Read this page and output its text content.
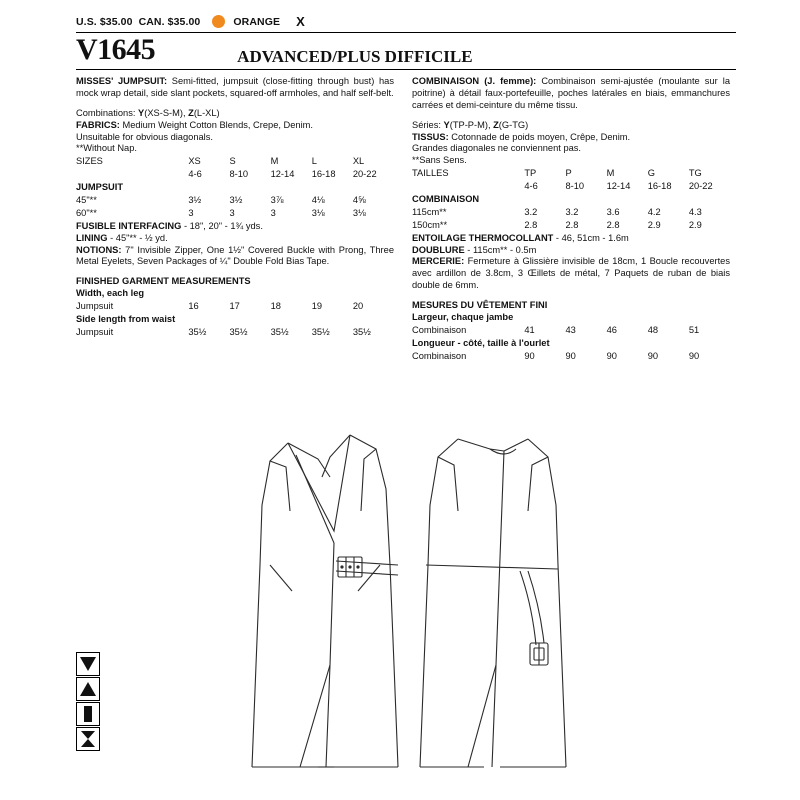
U.S. $35.00 CAN. $35.00	ORANGE X
V1645	ADVANCED/PLUS DIFFICILE

MISSES' JUMPSUIT: Semi-fitted, jumpsuit (close-fitting through bust) has mock wrap detail, side slant pockets, squared-off armholes, and half self-belt.

Combinations: Y(XS-S-M), Z(L-XL)

FABRICS: Medium Weight Cotton Blends, Crepe, Denim.

Unsuitable for obvious diagonals.

**Without Nap.

SIZES	XS	S	M	L	XL
	4-6	8-10	12-14	16-18	20-22
JUMPSUIT					
45"**	3½	3½	3⅞	4⅛	4⅝
60"**	3	3	3	3⅛	3⅛

FUSIBLE INTERFACING - 18", 20" - 1¾ yds.

LINING - 45"** - ½ yd.

NOTIONS: 7" Invisible Zipper, One 1½" Covered Buckle with Prong, Three Metal Eyelets, Seven Packages of ¼" Double Fold Bias Tape.

FINISHED GARMENT MEASUREMENTS

Width, each leg

Jumpsuit	16	17	18	19	20

Side length from waist

Jumpsuit	35½	35½	35½	35½	35½

COMBINAISON (J. femme): Combinaison semi-ajustée (moulante sur la poitrine) à détail faux-portefeuille, poches latérales en biais, emmanchures carrées et demi-ceinture du même tissu.

Séries: Y(TP-P-M), Z(G-TG)

TISSUS: Cotonnade de poids moyen, Crêpe, Denim.

Grandes diagonales ne conviennent pas.

**Sans Sens.

TAILLES	TP	P	M	G	TG
	4-6	8-10	12-14	16-18	20-22
COMBINAISON					
115cm**	3.2	3.2	3.6	4.2	4.3
150cm**	2.8	2.8	2.8	2.9	2.9

ENTOILAGE THERMOCOLLANT - 46, 51cm - 1.6m

DOUBLURE - 115cm** - 0.5m

MERCERIE: Fermeture à Glissière invisible de 18cm, 1 Boucle recouvertes avec ardillon de 3.8cm, 3 Œillets de métal, 7 Paquets de ruban de biais double de 6mm.

MESURES DU VÊTEMENT FINI

Largeur, chaque jambe

Combinaison	41	43	46	48	51

Longueur - côté, taille à l'ourlet

Combinaison	90	90	90	90	90
